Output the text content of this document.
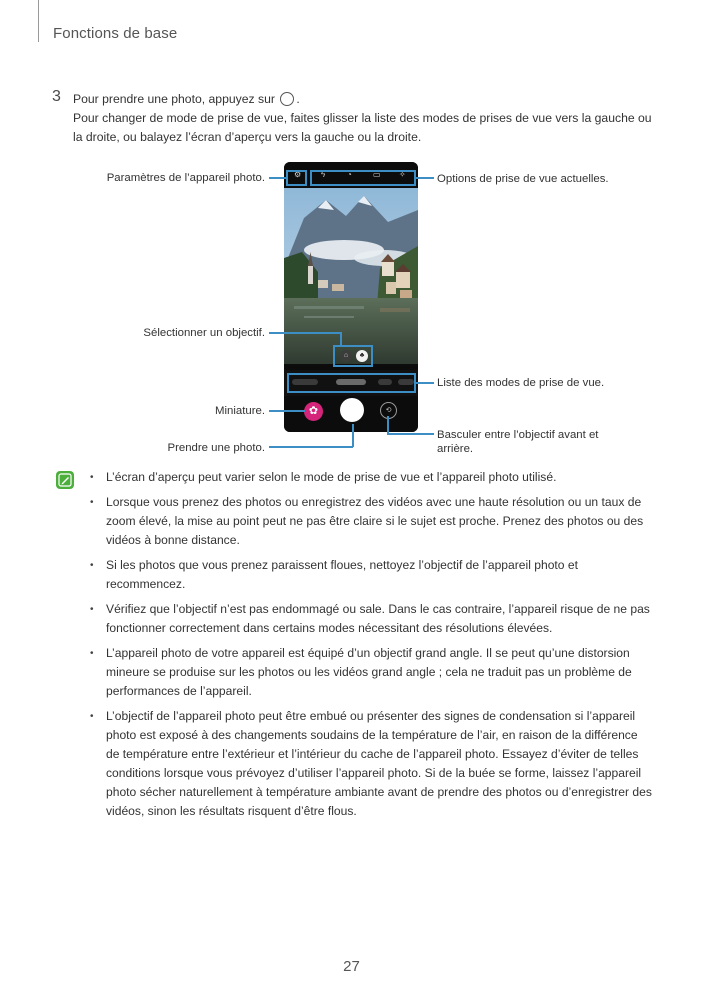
Fonctions de base
3 Pour prendre une photo, appuyez sur .
Pour changer de mode de prise de vue, faites glisser la liste des modes de prises de vue vers la gauche ou la droite, ou balayez l’écran d’aperçu vers la gauche ou la droite.
⚙ ϟ	◔	▭ ✧
⌂	♣
✿	⟲
Paramètres de l’appareil photo.	Options de prise de vue actuelles.
Sélectionner un objectif.
Liste des modes de prise de vue.
Miniature.
Prendre une photo.
Basculer entre l’objectif avant et arrière.
• L’écran d’aperçu peut varier selon le mode de prise de vue et l’appareil photo utilisé.
• Lorsque vous prenez des photos ou enregistrez des vidéos avec une haute résolution ou un taux de zoom élevé, la mise au point peut ne pas être claire si le sujet est proche. Prenez des photos ou des vidéos à bonne distance.
• Si les photos que vous prenez paraissent floues, nettoyez l’objectif de l’appareil photo et recommencez.
• Vérifiez que l’objectif n’est pas endommagé ou sale. Dans le cas contraire, l’appareil risque de ne pas fonctionner correctement dans certains modes nécessitant des résolutions élevées.
• L’appareil photo de votre appareil est équipé d’un objectif grand angle. Il se peut qu’une distorsion mineure se produise sur les photos ou les vidéos grand angle ; cela ne traduit pas un problème de performances de l’appareil.
• L’objectif de l’appareil photo peut être embué ou présenter des signes de condensation si l’appareil photo est exposé à des changements soudains de la température de l’air, en raison de la différence de température entre l’extérieur et l’intérieur du cache de l’appareil photo. Essayez d’éviter de telles conditions lorsque vous prévoyez d’utiliser l’appareil photo. Si de la buée se forme, laissez l’appareil photo sécher naturellement à température ambiante avant de prendre des photos ou d’enregistrer des vidéos, sinon les résultats risquent d’être flous.
27
